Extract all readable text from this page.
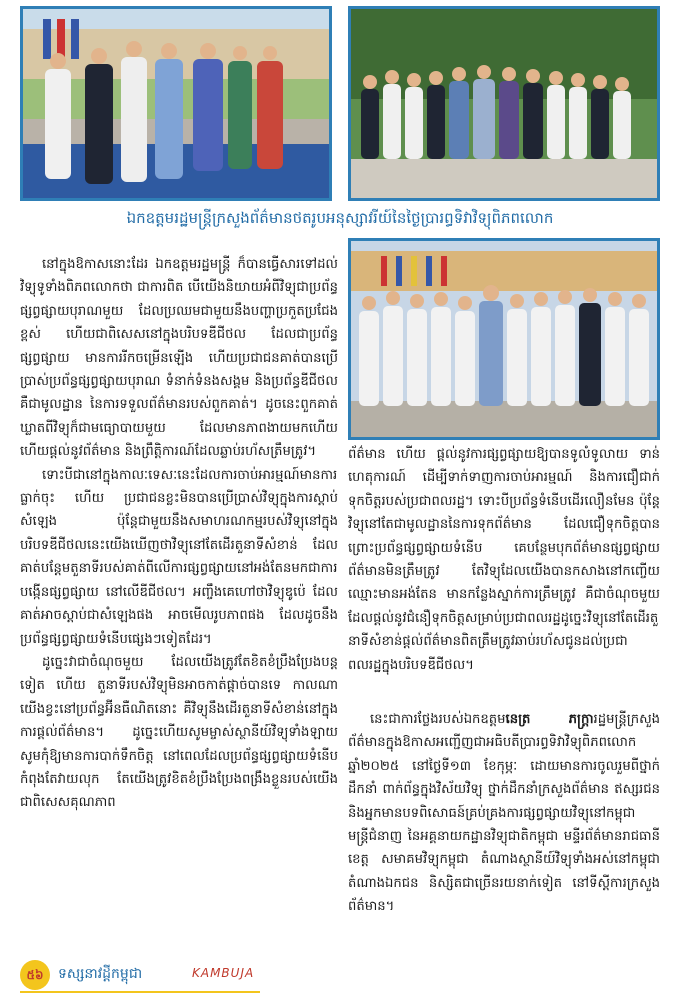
ឯកឧត្តមរដ្ឋមន្ត្រីក្រសួងព័ត៌មានថតរូបអនុស្សាវរីយ៍នៃថ្ងៃប្រារព្ធទិវាវិទ្យុពិភពលោក

នៅក្នុងឱកាសនោះដែរ ឯកឧត្តមរដ្ឋមន្ត្រី ក៏បានធ្វើសារទៅដល់វិទ្យុទូទាំងពិភពលោកថា ជាការពិត បើយើងនិយាយអំពីវិទ្យុជាប្រព័ន្ធផ្សព្វផ្សាយបុរាណមួយ ដែលប្រឈមជាមួយនឹងបញ្ហាប្រកួតប្រជែងខ្ពស់ ហើយជាពិសេសនៅក្នុងបរិបទឌីជីថល ដែលជាប្រព័ន្ធផ្សព្វផ្សាយ មានការរីកចម្រើនឡើង ហើយប្រជាជនគាត់បានប្រើប្រាស់ប្រព័ន្ធផ្សព្វផ្សាយបុរាណ ទំនាក់ទំនងសង្គម និងប្រព័ន្ធឌីជីថល គឺជាមូលដ្ឋាន នៃការទទួលព័ត៌មានរបស់ពួកគាត់។ ដូចនេះពួកគាត់ឃ្លាតពីវិទ្យុក៏ជាមធ្យោបាយមួយ ដែលមានភាពងាយមកហើយ ហើយផ្តល់នូវព័ត៌មាន និងព្រឹត្តិការណ៍ដែលឆ្លាប់រហ័សត្រឹមត្រូវ។

ទោះបីជានៅក្នុងកាលៈទេសៈនេះដែលការចាប់អារម្មណ៍មានការធ្លាក់ចុះ ហើយ ប្រជាជនខ្លះមិនបានប្រើប្រាស់វិទ្យុក្នុងការស្តាប់សំឡេង ប៉ុន្តែជាមួយនឹងសមាហរណកម្មរបស់វិទ្យុនៅក្នុងបរិបទឌីជីថលនេះយើងឃើញថាវិទ្យុនៅតែដើរតួនាទីសំខាន់ ដែលគាត់បន្តែមតួនាទីរបស់គាត់ពីលើការផ្សព្វផ្សាយនៅអង់តែនមកជាការបង្កើនផ្សព្វផ្សាយ នៅលើឌីជីថល។ អញ្ចឹងគេហៅថាវិទ្យុឌូប៉េ ដែលគាត់អាចស្តាប់ជាសំឡេងផង អាចមើលរូបភាពផង ដែលដូចនឹងប្រព័ន្ធផ្សព្វផ្សាយទំនើបផ្សេងៗទៀតដែរ។

ដូច្នេះវាជាចំណុចមួយ ដែលយើងត្រូវតែខិតខំប្រឹងប្រែងបន្តទៀត ហើយ តួនាទីរបស់វិទ្យុមិនអាចកាត់ផ្តាច់បានទេ កាលណាយើងខ្វះនៅប្រព័ន្ធអ៊ីនធឺណិតនោះ គឺវិទ្យុនឹងដើរតួនាទីសំខាន់នៅក្នុងការផ្តល់ព័ត៌មាន។ ដូច្នេះហើយសូមម្ចាស់ស្ថានីយ៍វិទ្យុទាំងឡាយ សូមកុំឱ្យមានការបាក់ទឹកចិត្ត នៅពេលដែលប្រព័ន្ធផ្សព្វផ្សាយទំនើបកំពុងតែវាយលុក តែយើងត្រូវខិតខំប្រឹងប្រែងពង្រឹងខ្លួនរបស់យើង ជាពិសេសគុណភាព

ព័ត៌មាន ហើយ ផ្តល់នូវការផ្សព្វផ្សាយឱ្យបានទូលំទូលាយ ទាន់ហេតុការណ៍ ដើម្បីទាក់ទាញការចាប់អារម្មណ៍ និងការជឿជាក់ ទុកចិត្តរបស់ប្រជាពលរដ្ឋ។ ទោះបីប្រព័ន្ធទំនើបដើរលឿនមែន ប៉ុន្តែវិទ្យុនៅតែជាមូលដ្ឋាននៃការទុកព័ត៌មាន ដែលជឿទុកចិត្តបាន ព្រោះប្រព័ន្ធផ្សព្វផ្សាយទំនើប គេបន្ថែមបុកព័ត៌មានផ្សព្វផ្សាយព័ត៌មានមិនត្រឹមត្រូវ តែវិទ្យុដែលយើងបានកសាងនៅកញ្ចើយឈ្មោះមានអង់តែន មានកន្លែងស្នាក់ការត្រឹមត្រូវ គឺជាចំណុចមួយ ដែលផ្តល់នូវជំនឿទុកចិត្តសម្រាប់ប្រជាពលរដ្ឋដូច្នេះវិទ្យុនៅតែដើរតួនាទីសំខាន់ផ្តល់ព័ត៌មានពិតត្រឹមត្រូវឆាប់រហ័សជូនដល់ប្រជាពលរដ្ឋក្នុងបរិបទឌីជីថល។

នេះជាការថ្លែងរបស់ឯកឧត្តមនេត្រ ភក្ត្រារដ្ឋមន្ត្រីក្រសួងព័ត៌មានក្នុងឱកាសអញ្ជើញជាអធិបតីប្រារព្ធទិវាវិទ្យុពិភពលោកឆ្នាំ២០២៥ នៅថ្ងៃទី១៣ ខែកុម្ភៈ ដោយមានការចូលរួមពីថ្នាក់ដឹកនាំ ពាក់ព័ន្ធក្នុងវិស័យវិទ្យុ ថ្នាក់ដឹកនាំក្រសួងព័ត៌មាន ឥស្សរជន និងអ្នកមានបទពិសោធន៍គ្រប់គ្រងការផ្សព្វផ្សាយវិទ្យុនៅកម្ពុជា មន្ត្រីជំនាញ នៃអគ្គនាយកដ្ឋានវិទ្យុជាតិកម្ពុជា មន្ទីរព័ត៌មានរាជធានីខេត្ត សមាគមវិទ្យុកម្ពុជា តំណាងស្ថានីយ៍វិទ្យុទាំងអស់នៅកម្ពុជា តំណាងឯកជន និស្សិតជាច្រើនរយនាក់ទៀត នៅទីស្តីការក្រសួងព័ត៌មាន។

៥៦	ទស្សនាវដ្តីកម្ពុជា	KAMBUJA
